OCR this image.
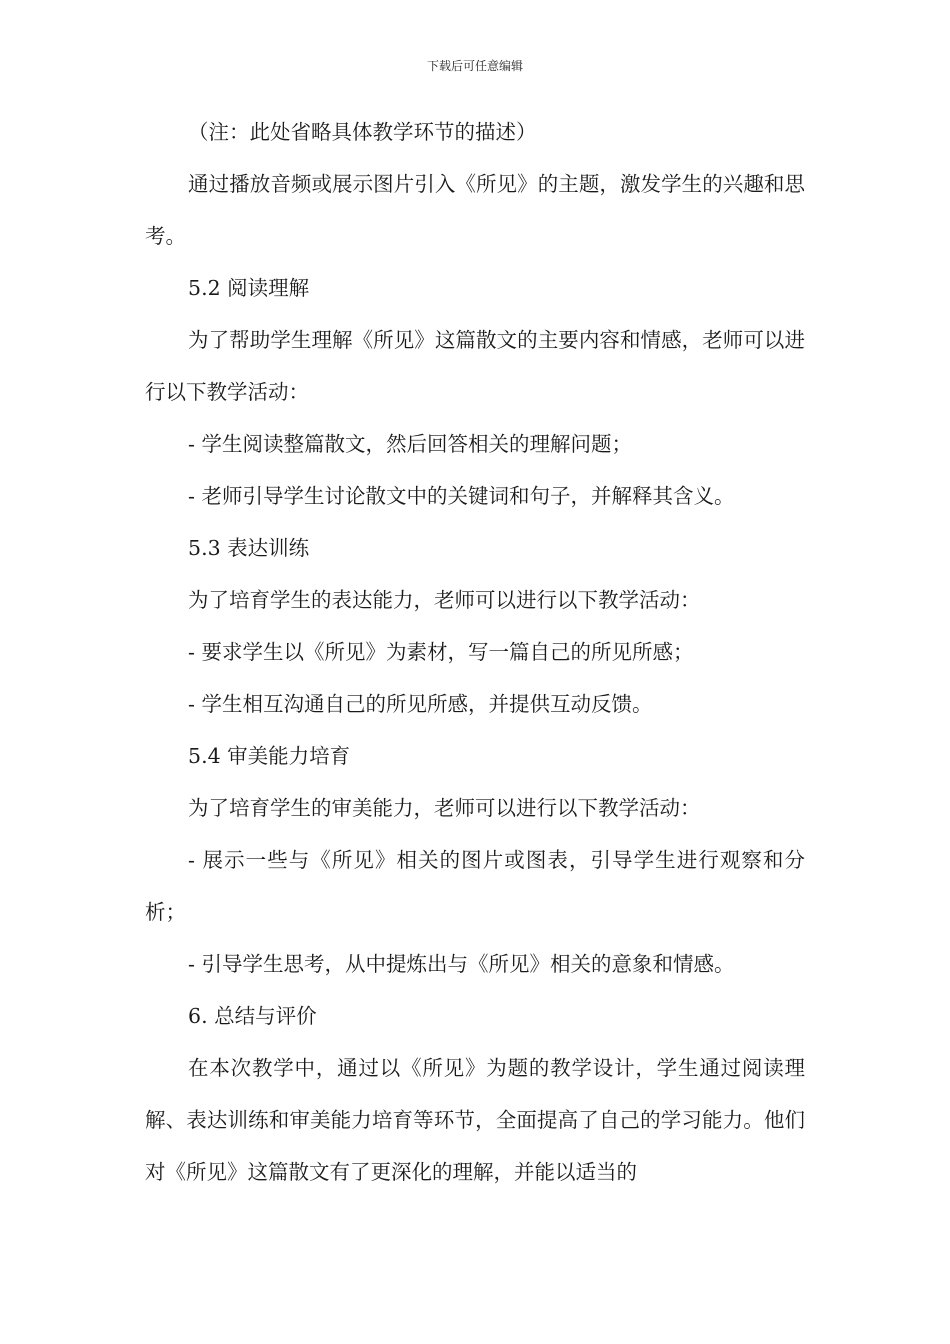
下载后可任意编辑

（注：此处省略具体教学环节的描述）

通过播放音频或展示图片引入《所见》的主题，激发学生的兴趣和思考。

5.2 阅读理解

为了帮助学生理解《所见》这篇散文的主要内容和情感，老师可以进行以下教学活动：

- 学生阅读整篇散文，然后回答相关的理解问题；

- 老师引导学生讨论散文中的关键词和句子，并解释其含义。

5.3 表达训练

为了培育学生的表达能力，老师可以进行以下教学活动：

- 要求学生以《所见》为素材，写一篇自己的所见所感；

- 学生相互沟通自己的所见所感，并提供互动反馈。

5.4 审美能力培育

为了培育学生的审美能力，老师可以进行以下教学活动：

- 展示一些与《所见》相关的图片或图表，引导学生进行观察和分析；

- 引导学生思考，从中提炼出与《所见》相关的意象和情感。

6. 总结与评价

在本次教学中，通过以《所见》为题的教学设计，学生通过阅读理解、表达训练和审美能力培育等环节，全面提高了自己的学习能力。他们对《所见》这篇散文有了更深化的理解，并能以适当的
